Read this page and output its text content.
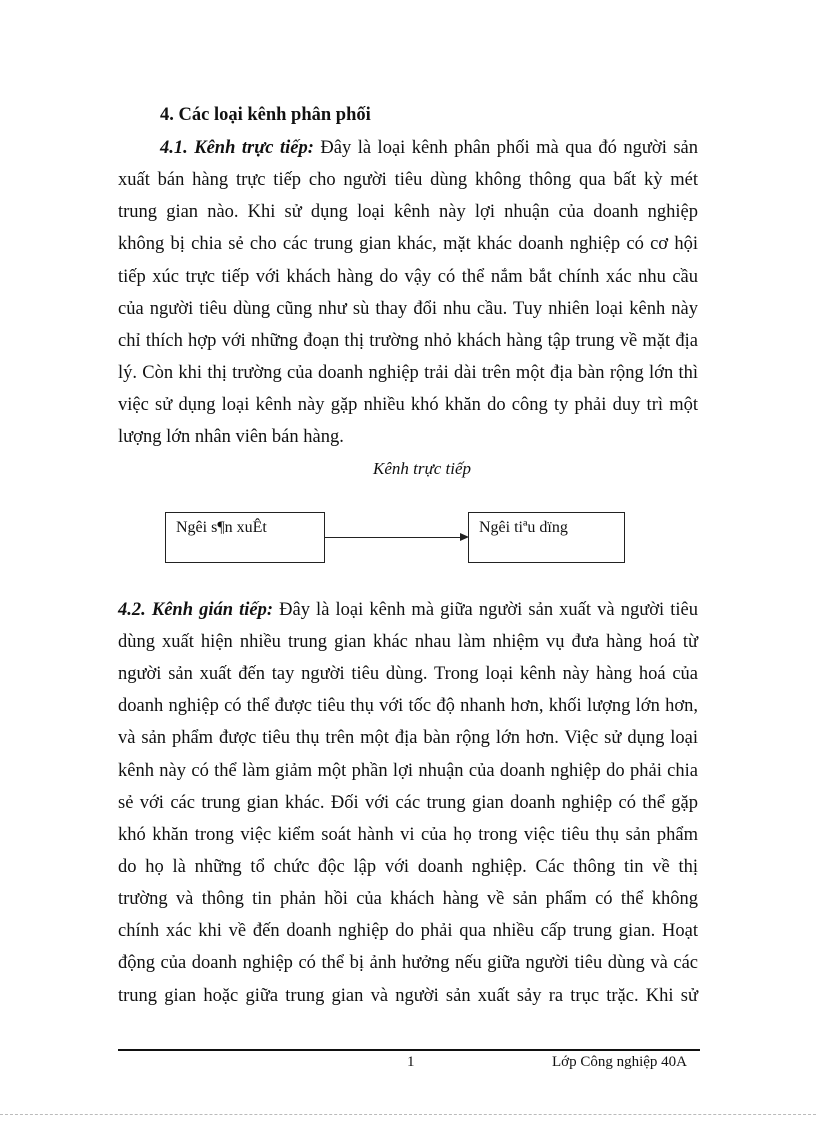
4. Các loại kênh phân phối
4.1. Kênh trực tiếp: Đây là loại kênh phân phối mà qua đó người sản
xuất bán hàng trực tiếp cho người tiêu dùng không thông qua bất kỳ mét
trung gian nào. Khi sử dụng loại kênh này lợi nhuận của doanh nghiệp
không bị chia sẻ cho các trung gian khác, mặt khác doanh nghiệp có cơ hội
tiếp xúc trực tiếp với khách hàng do vậy có thể nắm bắt chính xác nhu cầu
của người tiêu dùng cũng như sù thay đổi nhu cầu. Tuy nhiên loại kênh này
chỉ thích hợp với những đoạn thị trường nhỏ khách hàng tập trung về mặt địa
lý. Còn khi thị trường của doanh nghiệp trải dài trên một địa bàn rộng lớn thì
việc sử dụng loại kênh này gặp nhiều khó khăn do công ty phải duy trì một
lượng lớn nhân viên bán hàng.
Kênh trực tiếp
Ngêi s¶n xuÊt	Ngêi tiªu dïng
4.2. Kênh gián tiếp: Đây là loại kênh mà giữa người sản xuất và người tiêu
dùng xuất hiện nhiều trung gian khác nhau làm nhiệm vụ đưa hàng hoá từ
người sản xuất đến tay người tiêu dùng. Trong loại kênh này hàng hoá của
doanh nghiệp có thể được tiêu thụ với tốc độ nhanh hơn, khối lượng lớn hơn,
và sản phẩm được tiêu thụ trên một địa bàn rộng lớn hơn. Việc sử dụng loại
kênh này có thể làm giảm một phần lợi nhuận của doanh nghiệp do phải chia
sẻ với các trung gian khác. Đối với các trung gian doanh nghiệp có thể gặp
khó khăn trong việc kiểm soát hành vi của họ trong việc tiêu thụ sản phẩm
do họ là những tổ chức độc lập với doanh nghiệp. Các thông tin về thị
trường và thông tin phản hồi của khách hàng về sản phẩm có thể không
chính xác khi về đến doanh nghiệp do phải qua nhiều cấp trung gian. Hoạt
động của doanh nghiệp có thể bị ảnh hưởng nếu giữa người tiêu dùng và các
trung gian hoặc giữa trung gian và người sản xuất sảy ra trục trặc. Khi sử
1	Lớp Công nghiệp 40A
